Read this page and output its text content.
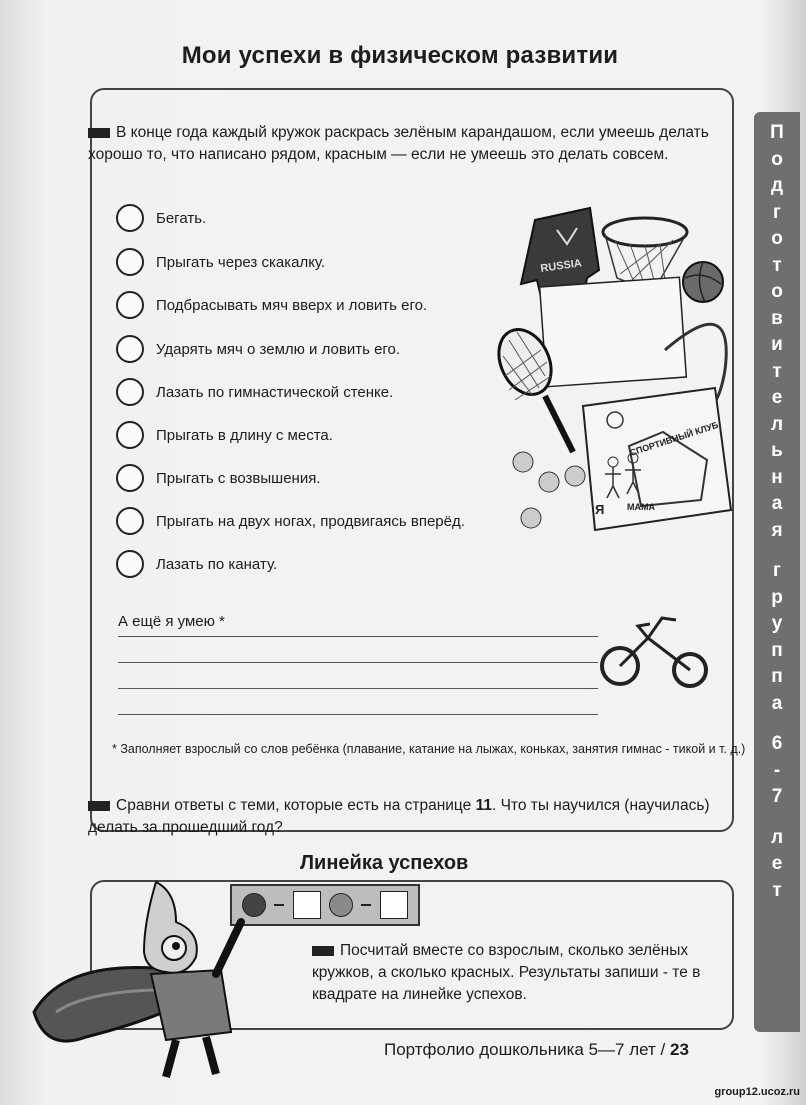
Мои успехи в физическом развитии
П
о
д
г
о
т
о
в
и
т
е
л
ь
н
а
я
г
р
у
п
п
а
6
-
7
л
е
т
В конце года каждый кружок раскрась зелёным карандашом, если умеешь делать хорошо то, что написано рядом, красным — если не умеешь это делать совсем.
Бегать.
Прыгать через скакалку.
Подбрасывать мяч вверх и ловить его.
Ударять мяч о землю и ловить его.
Лазать по гимнастической стенке.
Прыгать в длину с места.
Прыгать с возвышения.
Прыгать на двух ногах, продвигаясь вперёд.
Лазать по канату.
RUSSIA
СПОРТИВНЫЙ КЛУБ
Я	МАМА
А ещё я умею *
* Заполняет взрослый со слов ребёнка (плавание, катание на лыжах, коньках, занятия гимнас - тикой и т. д.)
Сравни ответы с теми, которые есть на странице 11. Что ты научился (научилась) делать за прошедший год?
Линейка успехов
Посчитай вместе со взрослым, сколько зелёных кружков, а сколько красных. Результаты запиши - те в квадрате на линейке успехов.
Портфолио дошкольника 5—7 лет / 23
group12.ucoz.ru
